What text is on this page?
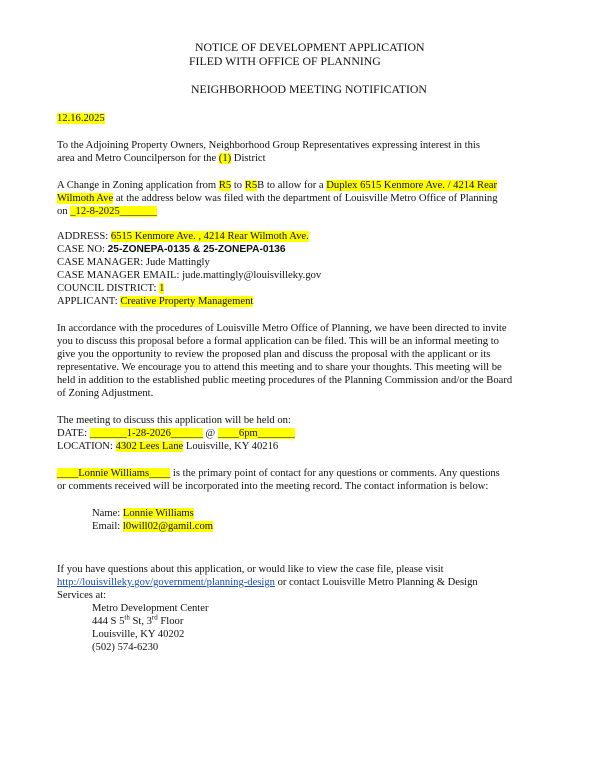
NOTICE OF DEVELOPMENT APPLICATION
FILED WITH OFFICE OF PLANNING
NEIGHBORHOOD MEETING NOTIFICATION
12.16.2025
To the Adjoining Property Owners, Neighborhood Group Representatives expressing interest in this
area and Metro Councilperson for the (1) District
A Change in Zoning application from R5 to R5B to allow for a Duplex 6515 Kenmore Ave. / 4214 Rear
Wilmoth Ave at the address below was filed with the department of Louisville Metro Office of Planning
on _12-8-2025_______
ADDRESS: 6515 Kenmore Ave. , 4214 Rear Wilmoth Ave.
CASE NO: 25-ZONEPA-0135 & 25-ZONEPA-0136
CASE MANAGER: Jude Mattingly
CASE MANAGER EMAIL: jude.mattingly@louisvilleky.gov
COUNCIL DISTRICT: 1
APPLICANT: Creative Property Management
In accordance with the procedures of Louisville Metro Office of Planning, we have been directed to invite
you to discuss this proposal before a formal application can be filed. This will be an informal meeting to
give you the opportunity to review the proposed plan and discuss the proposal with the applicant or its
representative. We encourage you to attend this meeting and to share your thoughts. This meeting will be
held in addition to the established public meeting procedures of the Planning Commission and/or the Board
of Zoning Adjustment.
The meeting to discuss this application will be held on:
DATE: _______1-28-2026______ @ ____6pm_______
LOCATION: 4302 Lees Lane Louisville, KY 40216
____Lonnie Williams____ is the primary point of contact for any questions or comments. Any questions
or comments received will be incorporated into the meeting record. The contact information is below:
Name: Lonnie Williams
Email: l0will02@gamil.com
If you have questions about this application, or would like to view the case file, please visit
http://louisvilleky.gov/government/planning-design or contact Louisville Metro Planning & Design
Services at:
Metro Development Center
444 S 5th St, 3rd Floor
Louisville, KY 40202
(502) 574-6230
